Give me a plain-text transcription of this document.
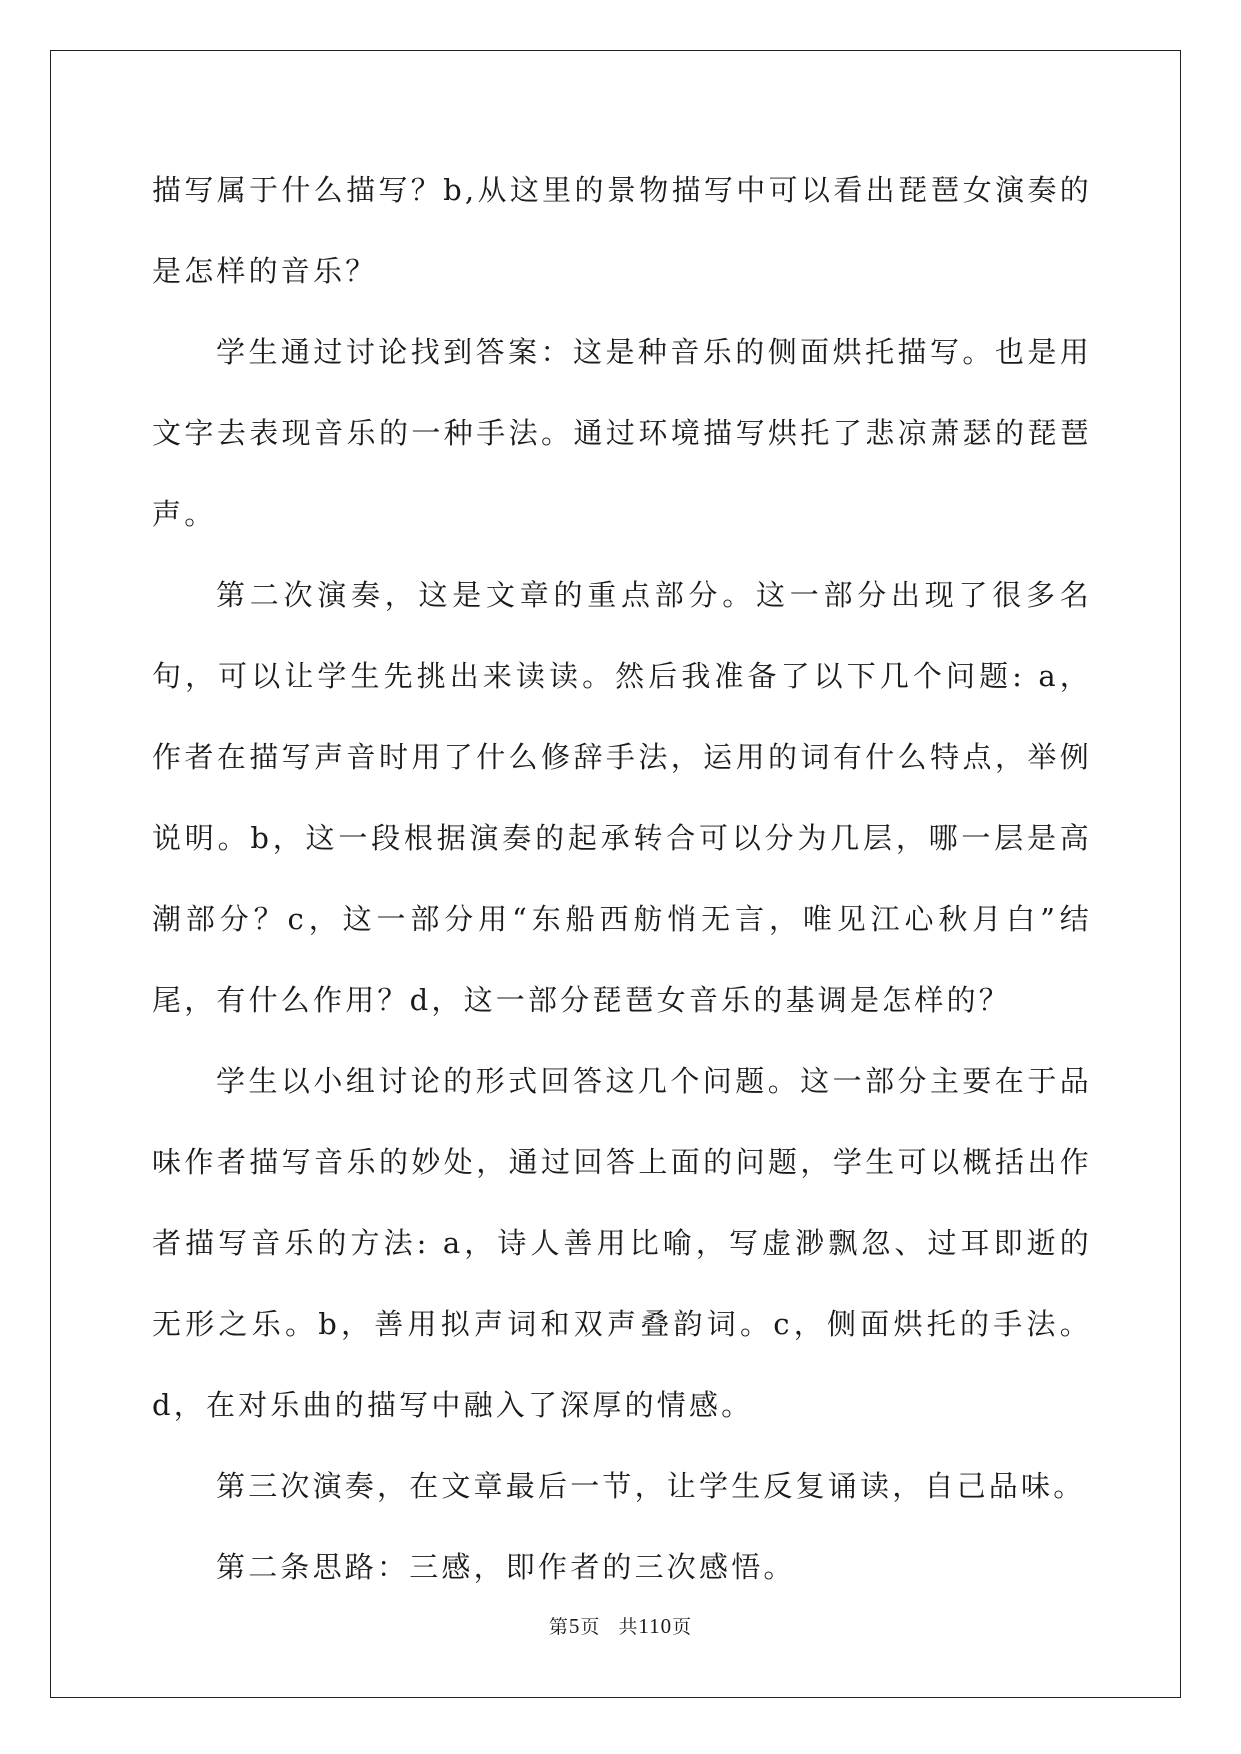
描写属于什么描写？b,从这里的景物描写中可以看出琵琶女演奏的是怎样的音乐？

学生通过讨论找到答案：这是种音乐的侧面烘托描写。也是用文字去表现音乐的一种手法。通过环境描写烘托了悲凉萧瑟的琵琶声。

第二次演奏，这是文章的重点部分。这一部分出现了很多名句，可以让学生先挑出来读读。然后我准备了以下几个问题: a，作者在描写声音时用了什么修辞手法，运用的词有什么特点，举例说明。b，这一段根据演奏的起承转合可以分为几层，哪一层是高潮部分？c，这一部分用“东船西舫悄无言，唯见江心秋月白”结尾，有什么作用？d，这一部分琵琶女音乐的基调是怎样的？

学生以小组讨论的形式回答这几个问题。这一部分主要在于品味作者描写音乐的妙处，通过回答上面的问题，学生可以概括出作者描写音乐的方法: a，诗人善用比喻，写虚渺飘忽、过耳即逝的无形之乐。b，善用拟声词和双声叠韵词。c，侧面烘托的手法。d，在对乐曲的描写中融入了深厚的情感。

第三次演奏，在文章最后一节，让学生反复诵读，自己品味。

第二条思路：三感，即作者的三次感悟。

第5页 共110页
